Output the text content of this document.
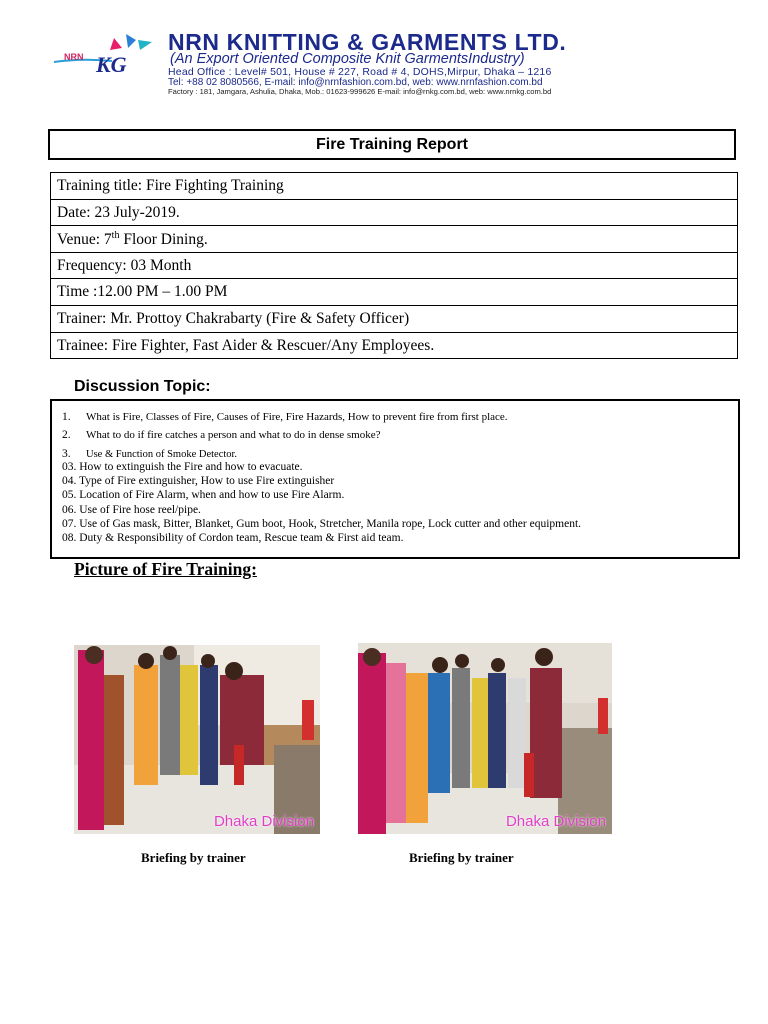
NRN KG
NRN KNITTING & GARMENTS LTD.
(An Export Oriented Composite Knit GarmentsIndustry)
Head Office : Level# 501, House # 227, Road # 4, DOHS,Mirpur, Dhaka – 1216
Tel: +88 02 8080566, E-mail: info@nrnfashion.com.bd, web: www.nrnfashion.com.bd
Factory : 181, Jamgara, Ashulia, Dhaka, Mob.: 01623-999626 E-mail: info@rnkg.com.bd, web: www.nrnkg.com.bd
Fire Training Report
Training title: Fire Fighting Training
Date: 23 July-2019.
Venue: 7th Floor Dining.
Frequency: 03 Month
Time :12.00 PM – 1.00 PM
Trainer: Mr. Prottoy Chakrabarty (Fire & Safety Officer)
Trainee: Fire Fighter, Fast Aider & Rescuer/Any Employees.
Discussion Topic:
1. What is Fire, Classes of Fire, Causes of Fire, Fire Hazards, How to prevent fire from first place.
2. What to do if fire catches a person and what to do in dense smoke?
3. Use & Function of Smoke Detector.
03. How to extinguish the Fire and how to evacuate.
04. Type of Fire extinguisher, How to use Fire extinguisher
05. Location of Fire Alarm, when and how to use Fire Alarm.
06. Use of Fire hose reel/pipe.
07. Use of Gas mask, Bitter, Blanket, Gum boot, Hook, Stretcher, Manila rope, Lock cutter and other equipment.
08. Duty & Responsibility of Cordon team, Rescue team & First aid team.
Picture of Fire Training:
Dhaka Division	Dhaka Division
Briefing by trainer	Briefing by trainer
